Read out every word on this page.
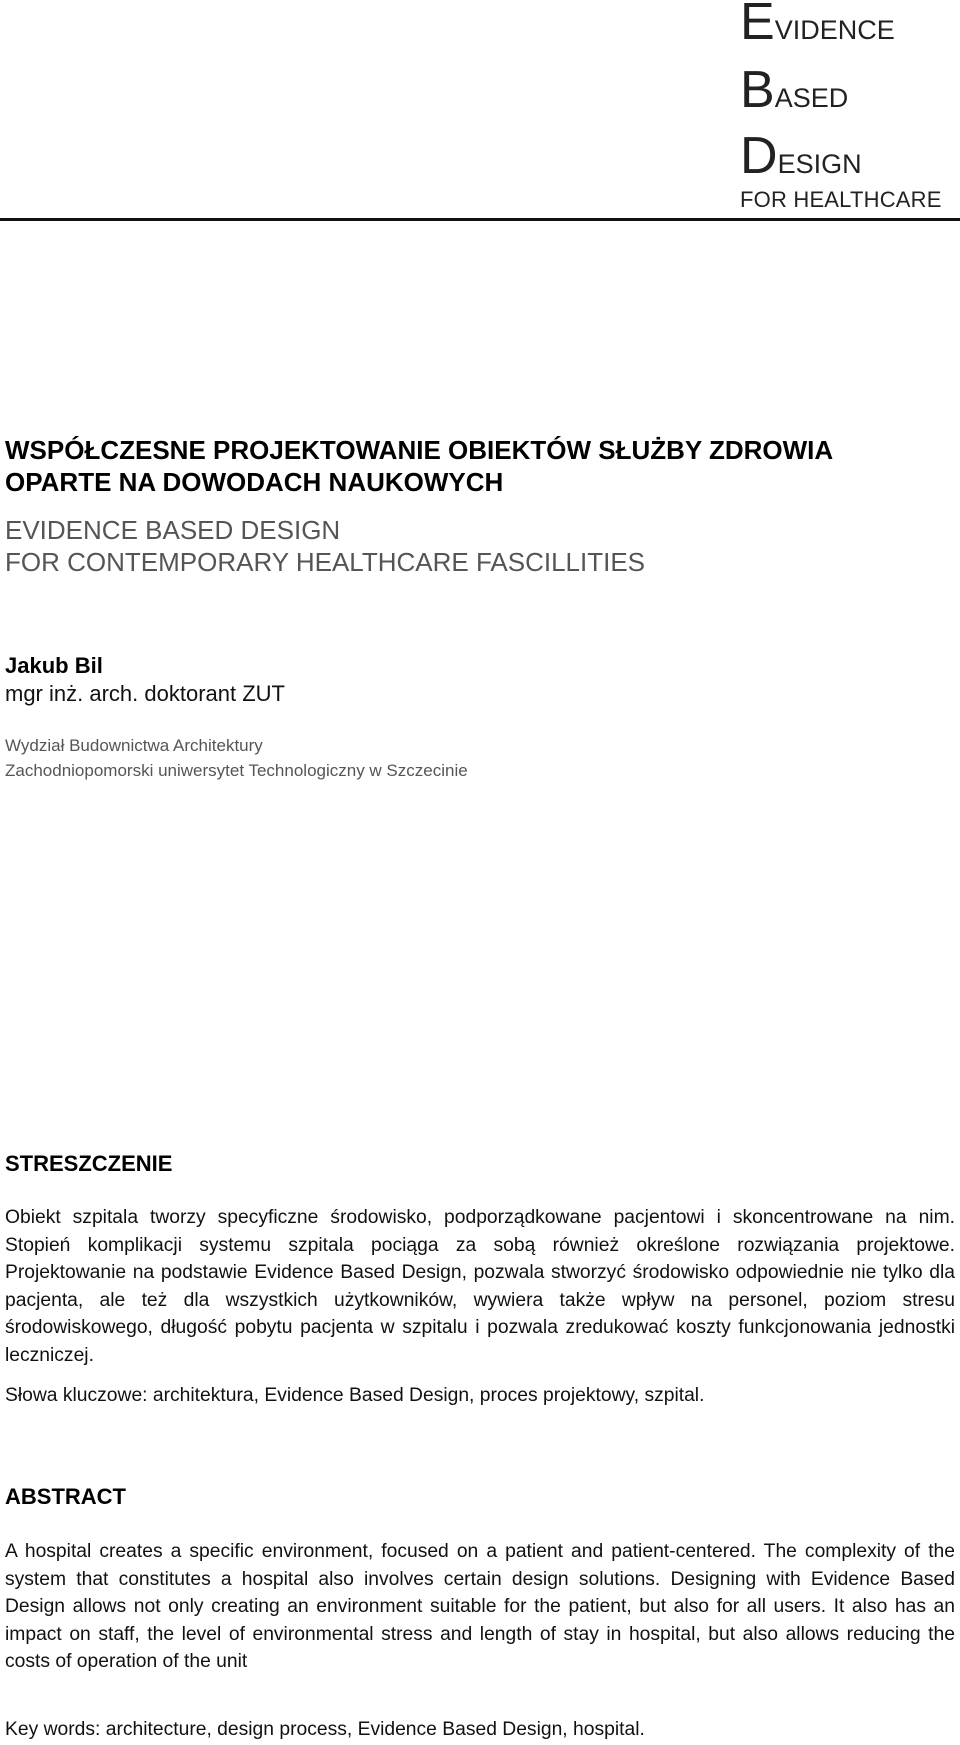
E VIDENCE
B ASED
D ESIGN
FOR HEALTHCARE
WSPÓŁCZESNE PROJEKTOWANIE OBIEKTÓW SŁUŻBY ZDROWIA
OPARTE NA DOWODACH NAUKOWYCH
EVIDENCE BASED DESIGN
FOR CONTEMPORARY HEALTHCARE FASCILLITIES
Jakub Bil
mgr inż. arch. doktorant ZUT
Wydział Budownictwa Architektury
Zachodniopomorski uniwersytet Technologiczny w Szczecinie
STRESZCZENIE

Obiekt szpitala tworzy specyficzne środowisko, podporządkowane pacjentowi i skoncentrowane na nim. Stopień komplikacji systemu szpitala pociąga za sobą również określone rozwiązania projektowe. Projektowanie na podstawie Evidence Based Design, pozwala stworzyć środowisko odpowiednie nie tylko dla pacjenta, ale też dla wszystkich użytkowników, wywiera także wpływ na personel, poziom stresu środowiskowego, długość pobytu pacjenta w szpitalu i pozwala zredukować koszty funkcjonowania jednostki leczniczej.

Słowa kluczowe: architektura, Evidence Based Design, proces projektowy, szpital.

ABSTRACT

A hospital creates a specific environment, focused on a patient and patient-centered. The complexity of the system that constitutes a hospital also involves certain design solutions. Designing with Evidence Based Design allows not only creating an environment suitable for the patient, but also for all users. It also has an impact on staff, the level of environmental stress and length of stay in hospital, but also allows reducing the costs of operation of the unit

Key words: architecture, design process, Evidence Based Design, hospital.
